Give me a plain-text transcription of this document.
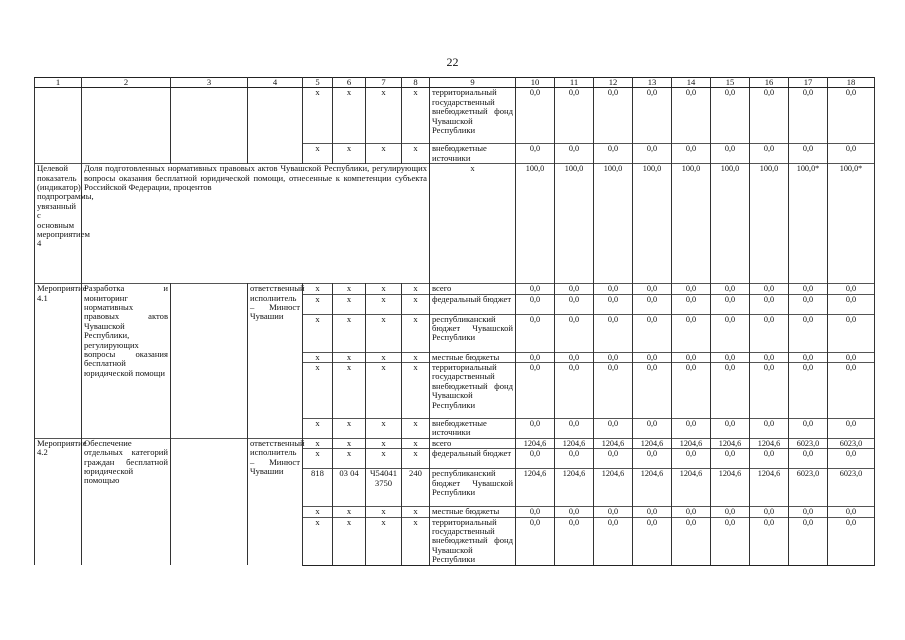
22
1	2	3	4	5	6	7	8	9	10	11	12	13	14	15	16	17	18
				х	х	х	х	территориальный государственный внебюджетный фонд Чувашской Республики	0,0	0,0	0,0	0,0	0,0	0,0	0,0	0,0	0,0
				х	х	х	х	внебюджетные источники	0,0	0,0	0,0	0,0	0,0	0,0	0,0	0,0	0,0
Целевой показатель (индикатор) подпрограммы, увязанный с основным мероприятием 4	Доля подготовленных нормативных правовых актов Чувашской Республики, регулирующих вопросы оказания бесплатной юридической помощи, отнесенные к компетенции субъекта Российской Федерации, процентов							х	100,0	100,0	100,0	100,0	100,0	100,0	100,0	100,0*	100,0*
Мероприятие 4.1	Разработка и мониторинг нормативных правовых актов Чувашской Республики, регулирующих вопросы оказания бесплатной юридической помощи		ответственный исполнитель – Минюст Чувашии	х	х	х	х	всего	0,0	0,0	0,0	0,0	0,0	0,0	0,0	0,0	0,0
				х	х	х	х	федеральный бюджет	0,0	0,0	0,0	0,0	0,0	0,0	0,0	0,0	0,0
				х	х	х	х	республиканский бюджет Чувашской Республики	0,0	0,0	0,0	0,0	0,0	0,0	0,0	0,0	0,0
				х	х	х	х	местные бюджеты	0,0	0,0	0,0	0,0	0,0	0,0	0,0	0,0	0,0
				х	х	х	х	территориальный государственный внебюджетный фонд Чувашской Республики	0,0	0,0	0,0	0,0	0,0	0,0	0,0	0,0	0,0
				х	х	х	х	внебюджетные источники	0,0	0,0	0,0	0,0	0,0	0,0	0,0	0,0	0,0
Мероприятие 4.2	Обеспечение отдельных категорий граждан бесплатной юридической помощью		ответственный исполнитель – Минюст Чувашии	х	х	х	х	всего	1204,6	1204,6	1204,6	1204,6	1204,6	1204,6	1204,6	6023,0	6023,0
				х	х	х	х	федеральный бюджет	0,0	0,0	0,0	0,0	0,0	0,0	0,0	0,0	0,0
				818	03 04	Ч54041 3750	240	республиканский бюджет Чувашской Республики	1204,6	1204,6	1204,6	1204,6	1204,6	1204,6	1204,6	6023,0	6023,0
				х	х	х	х	местные бюджеты	0,0	0,0	0,0	0,0	0,0	0,0	0,0	0,0	0,0
				х	х	х	х	территориальный государственный внебюджетный фонд Чувашской Республики	0,0	0,0	0,0	0,0	0,0	0,0	0,0	0,0	0,0
